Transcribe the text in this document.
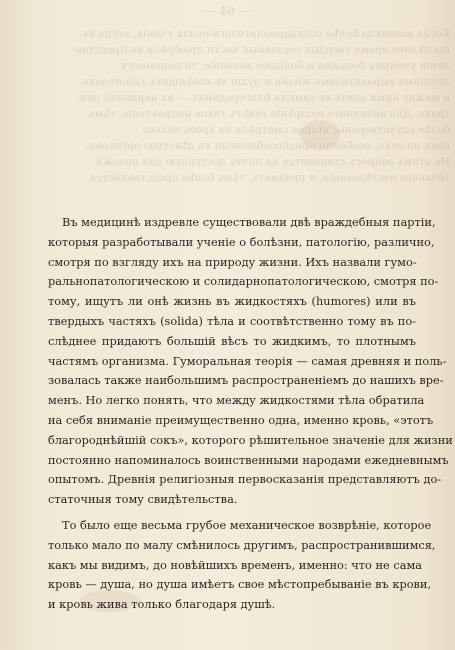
— 64 —
Когда возникла болѣе солидарнопатологическія ученія, когда въ
послѣднее время твердыя составныя части пріобрѣли въ представ-
леніи ученыхъ большее и большее значеніе, то понемногу
лучшимъ выразителемъ жизни и души въ новѣйшихъ гипотезахъ
и между ними опять въ самыхъ благородныхъ — въ нервныхъ цен-
трахъ. Для античнаго воззрѣнія отвѣтъ такое направленіе, тѣмъ
болѣе одухотворены; вторая смотрѣла на кровь только
какъ на сокъ, особенно приспособленный къ дѣйствію органовъ.
Но этимъ вопросъ становится на почву доступную для положи-
тельнаго изслѣдованія, и предметъ, тѣмъ болѣе представляется
Въ медицинѣ издревле существовали двѣ враждебныя партіи,
которыя разработывали ученіе о болѣзни, патологію, различно,
смотря по взгляду ихъ на природу жизни. Ихъ назвали гумо-
ральнопатологическою и солидарнопатологическою, смотря по-
тому, ищутъ ли онѣ жизнь въ жидкостяхъ (humores) или въ
твердыхъ частяхъ (solida) тѣла и соотвѣтственно тому въ по-
слѣднее придаютъ большій вѣсъ то жидкимъ, то плотнымъ
частямъ организма. Гуморальная теорія — самая древняя и поль-
зовалась также наибольшимъ распространеніемъ до нашихъ вре-
менъ. Но легко понять, что между жидкостями тѣла обратила
на себя вниманіе преимущественно одна, именно кровь, «этотъ
благороднѣйшій сокъ», которого рѣшительное значеніе для жизни
постоянно напоминалось воинственными народами ежедневнымъ
опытомъ. Древнія религіозныя первосказанія представляютъ до-
статочныя тому свидѣтельства.
То было еще весьма грубое механическое возврѣніе, которое
только мало по малу смѣнилось другимъ, распространившимся,
какъ мы видимъ, до новѣйшихъ временъ, именно: что не сама
кровь — душа, но душа имѣетъ свое мѣстопребываніе въ крови,
и кровь жива только благодаря душѣ.
